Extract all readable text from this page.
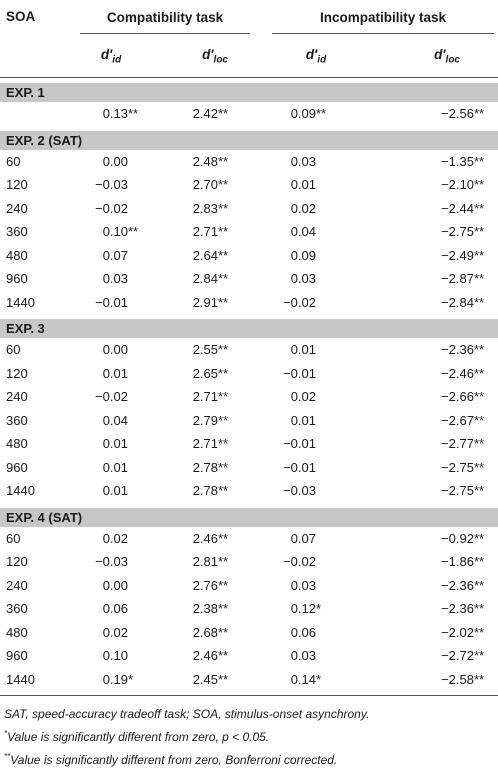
SOA	Compatibility task		Incompatibility task	

	$d'_{id}$	$d'_{loc}$	$d'_{id}$	$d'_{loc}$

EXP. 1				
	0.13**	2.42**	0.09**	−2.56**

EXP. 2 (SAT)				
60	0.00	2.48**	0.03	−1.35**
120	−0.03	2.70**	0.01	−2.10**
240	−0.02	2.83**	0.02	−2.44**
360	0.10**	2.71**	0.04	−2.75**
480	0.07	2.64**	0.09	−2.49**
960	0.03	2.84**	0.03	−2.87**
1440	−0.01	2.91**	−0.02	−2.84**

EXP. 3				
60	0.00	2.55**	0.01	−2.36**
120	0.01	2.65**	−0.01	−2.46**
240	−0.02	2.71**	0.02	−2.66**
360	0.04	2.79**	0.01	−2.67**
480	0.01	2.71**	−0.01	−2.77**
960	0.01	2.78**	−0.01	−2.75**
1440	0.01	2.78**	−0.03	−2.75**

EXP. 4 (SAT)				
60	0.02	2.46**	0.07	−0.92**
120	−0.03	2.81**	−0.02	−1.86**
240	0.00	2.76**	0.03	−2.36**
360	0.06	2.38**	0.12*	−2.36**
480	0.02	2.68**	0.06	−2.02**
960	0.10	2.46**	0.03	−2.72**
1440	0.19*	2.45**	0.14*	−2.58**
SAT, speed-accuracy tradeoff task; SOA, stimulus-onset asynchrony.
*Value is significantly different from zero, p < 0.05.
**Value is significantly different from zero, Bonferroni corrected.
